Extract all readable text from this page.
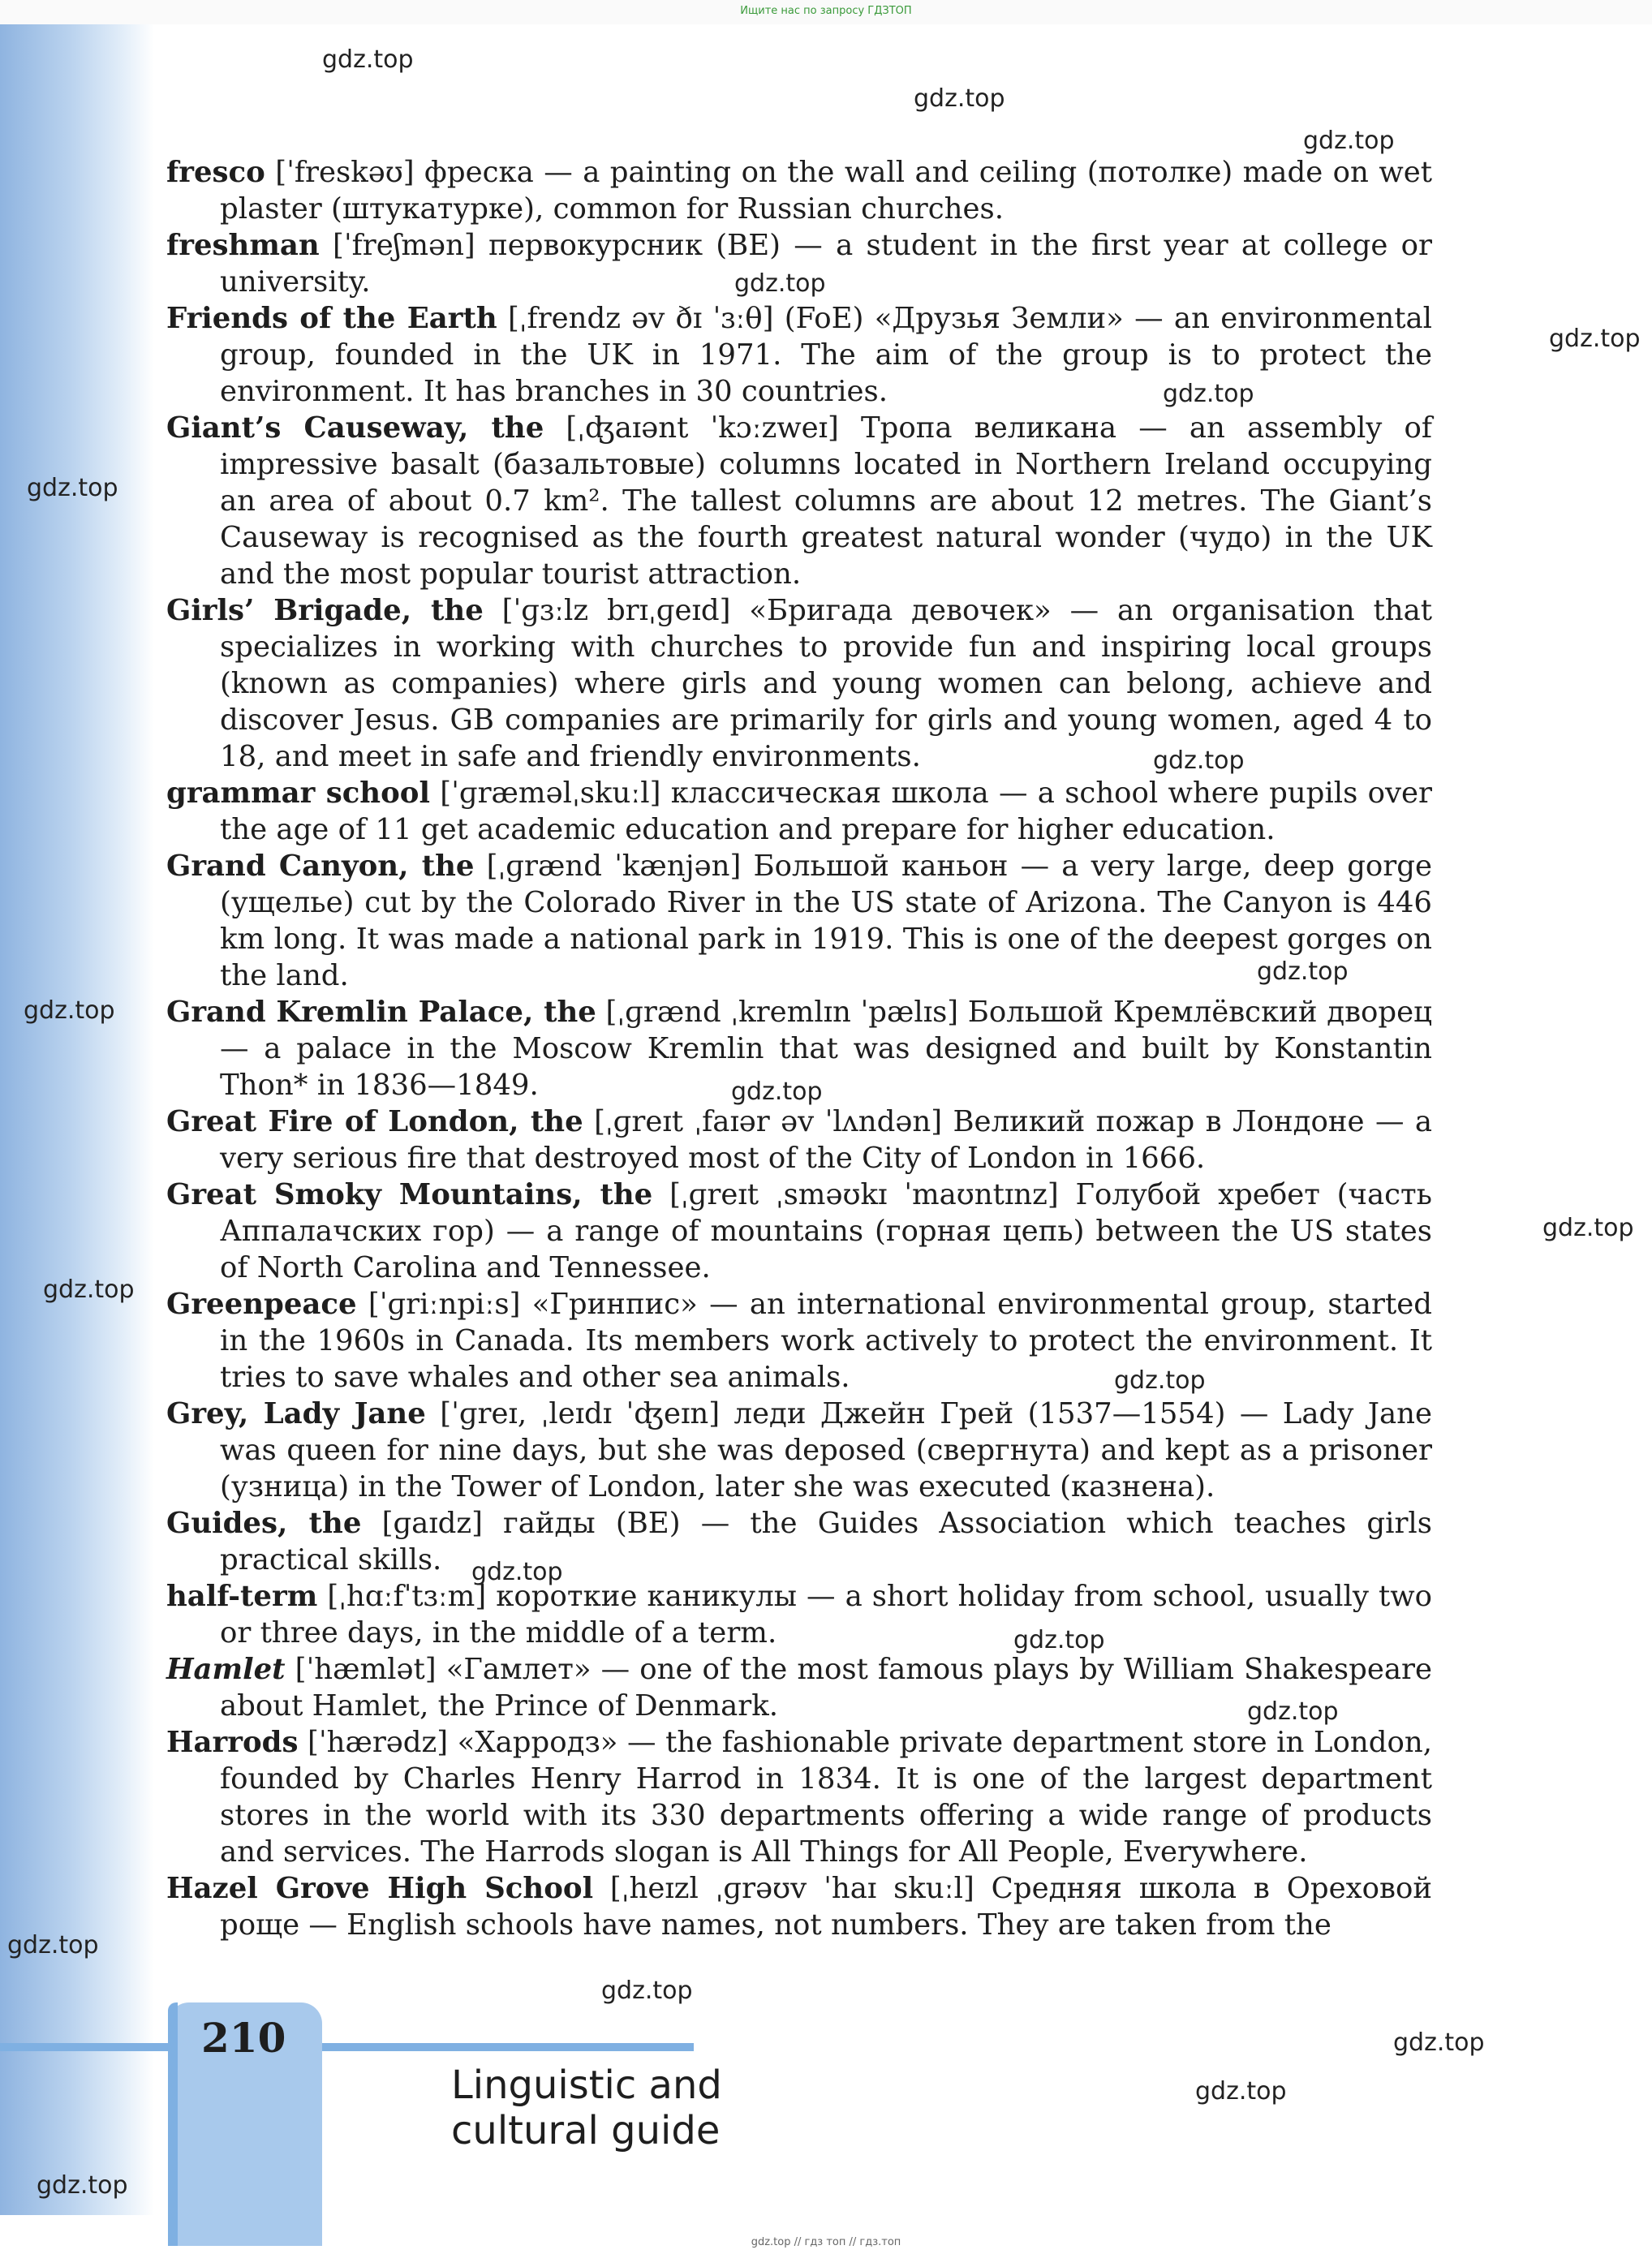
Ищите нас по запросу ГДЗТОП

fresco [ˈfreskəʊ] фреска — a painting on the wall and ceiling (потолке) made on wet plaster (штукатурке), common for Russian churches.

freshman [ˈfreʃmən] первокурсник (BE) — a student in the first year at college or university.

Friends of the Earth [ˌfrendz əv ðɪ ˈɜːθ] (FoE) «Друзья Земли» — an environmental group, founded in the UK in 1971. The aim of the group is to protect the environment. It has branches in 30 countries.

Giant’s Causeway, the [ˌʤaɪənt ˈkɔːzweɪ] Тропа великана — an assembly of impressive basalt (базальтовые) columns located in Northern Ireland occupying an area of about 0.7 km². The tallest columns are about 12 metres. The Giant’s Causeway is recognised as the fourth greatest natural wonder (чудо) in the UK and the most popular tourist attraction.

Girls’ Brigade, the [ˈɡɜːlz brɪˌɡeɪd] «Бригада девочек» — an organisation that specializes in working with churches to provide fun and inspiring local groups (known as companies) where girls and young women can belong, achieve and discover Jesus. GB companies are primarily for girls and young women, aged 4 to 18, and meet in safe and friendly environments.

grammar school [ˈɡræməlˌskuːl] классическая школа — a school where pupils over the age of 11 get academic education and prepare for higher education.

Grand Canyon, the [ˌɡrænd ˈkænjən] Большой каньон — a very large, deep gorge (ущелье) cut by the Colorado River in the US state of Arizona. The Canyon is 446 km long. It was made a national park in 1919. This is one of the deepest gorges on the land.

Grand Kremlin Palace, the [ˌɡrænd ˌkremlɪn ˈpælɪs] Большой Кремлёвский дворец — a palace in the Moscow Kremlin that was designed and built by Konstantin Thon* in 1836—1849.

Great Fire of London, the [ˌɡreɪt ˌfaɪər əv ˈlʌndən] Великий пожар в Лондоне — a very serious fire that destroyed most of the City of London in 1666.

Great Smoky Mountains, the [ˌɡreɪt ˌsməʊkɪ ˈmaʊntɪnz] Голубой хребет (часть Аппалачских гор) — a range of mountains (горная цепь) between the US states of North Carolina and Tennessee.

Greenpeace [ˈɡriːnpiːs] «Гринпис» — an international environmental group, started in the 1960s in Canada. Its members work actively to protect the environment. It tries to save whales and other sea animals.

Grey, Lady Jane [ˈɡreɪ, ˌleɪdɪ ˈʤeɪn] леди Джейн Грей (1537—1554) — Lady Jane was queen for nine days, but she was deposed (свергнута) and kept as a prisoner (узница) in the Tower of London, later she was executed (казнена).

Guides, the [ɡaɪdz] гайды (BE) — the Guides Association which teaches girls practical skills.

half-term [ˌhɑːfˈtɜːm] короткие каникулы — a short holiday from school, usually two or three days, in the middle of a term.

Hamlet [ˈhæmlət] «Гамлет» — one of the most famous plays by William Shakespeare about Hamlet, the Prince of Denmark.

Harrods [ˈhærədz] «Харродз» — the fashionable private department store in London, founded by Charles Henry Harrod in 1834. It is one of the largest department stores in the world with its 330 departments offering a wide range of products and services. The Harrods slogan is All Things for All People, Everywhere.

Hazel Grove High School [ˌheɪzl ˌɡrəʊv ˈhaɪ skuːl] Средняя школа в Ореховой роще — English schools have names, not numbers. They are taken from the

gdz.top
gdz.top
gdz.top
gdz.top
gdz.top
gdz.top
gdz.top
gdz.top
gdz.top
gdz.top
gdz.top
gdz.top
gdz.top
gdz.top
gdz.top
gdz.top
gdz.top
gdz.top
gdz.top
gdz.top
gdz.top
gdz.top
210
Linguistic and
cultural guide
gdz.top // гдз топ // гдз.топ
